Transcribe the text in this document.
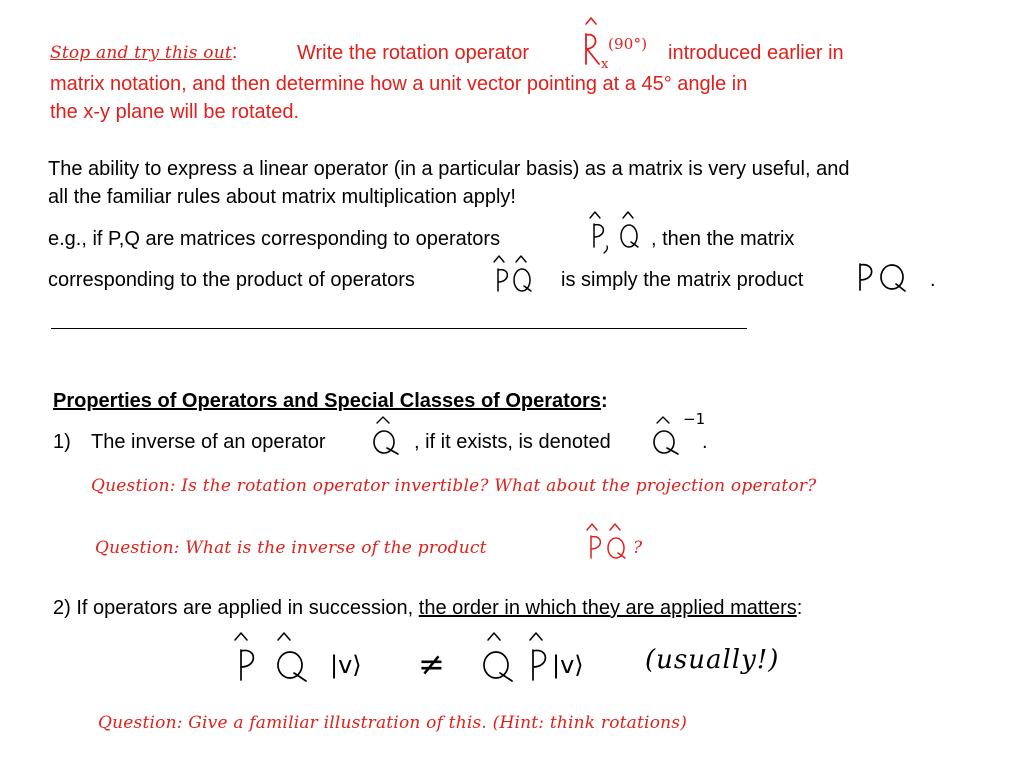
Stop and try this out:	Write the rotation operator
x
(90°) introduced earlier in
matrix notation, and then determine how a unit vector pointing at a 45° angle in
the x-y plane will be rotated.
The ability to express a linear operator (in a particular basis) as a matrix is very useful, and
all the familiar rules about matrix multiplication apply!
e.g., if P,Q are matrices corresponding to operators	, then the matrix
corresponding to the product of operators	is simply the matrix product	.
Properties of Operators and Special Classes of Operators:
1) The inverse of an operator	, if it exists, is denoted
−1
.
Question: Is the rotation operator invertible? What about the projection operator?
Question: What is the inverse of the product	?
2) If operators are applied in succession, the order in which they are applied matters:
|v⟩ ≠	|v⟩ (usually!)
Question: Give a familiar illustration of this. (Hint: think rotations)
